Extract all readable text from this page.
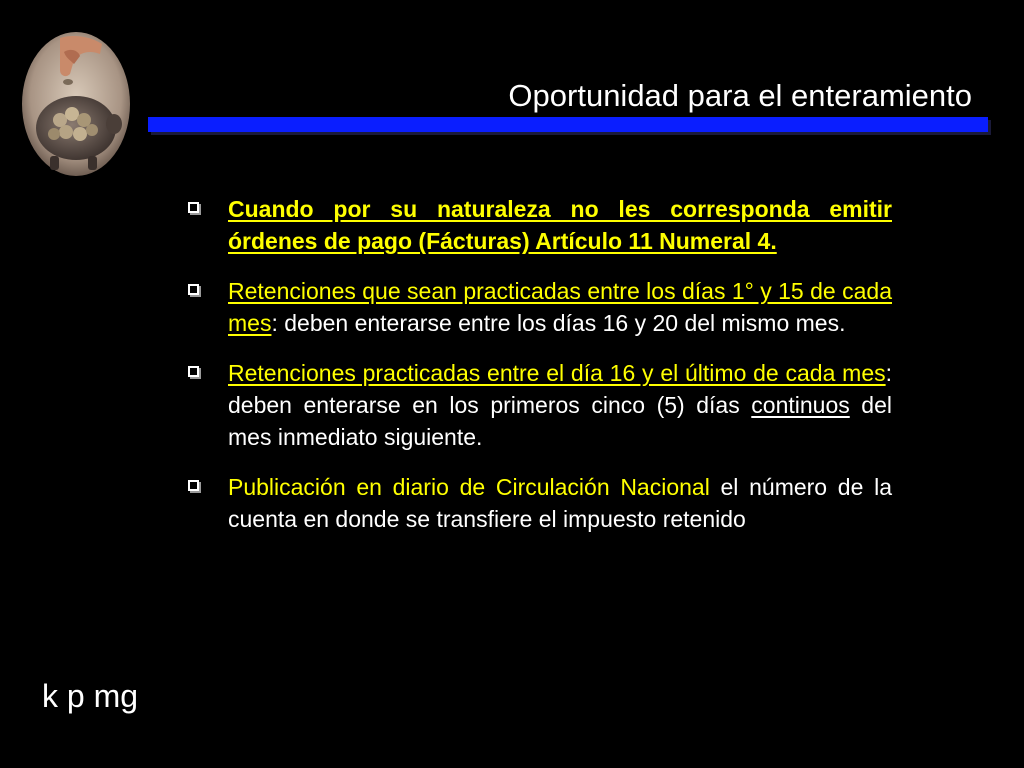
Oportunidad para el enteramiento
Cuando por su naturaleza no les corresponda emitir órdenes de pago (Fácturas) Artículo 11 Numeral 4.
Retenciones que sean practicadas entre los días 1° y 15 de cada mes: deben enterarse entre los días 16 y 20 del mismo mes.
Retenciones practicadas entre el día 16 y el último de cada mes: deben enterarse en los primeros cinco (5) días continuos del mes inmediato siguiente.
Publicación en diario de Circulación Nacional el número de la cuenta en donde se transfiere el impuesto retenido
k p mg
